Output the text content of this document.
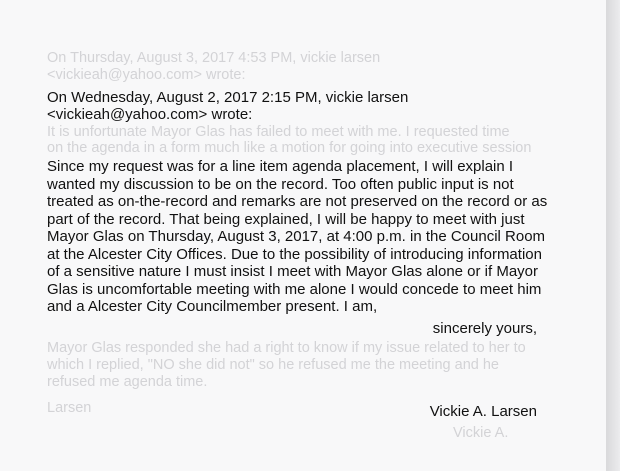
On Thursday, August 3, 2017 4:53 PM, vickie larsen
<vickieah@yahoo.com> wrote:
It is unfortunate Mayor Glas has failed to meet with me. I requested time
on the agenda in a form much like a motion for going into executive session
Mayor Glas responded she had a right to know if my issue related to her to
which I replied, "NO she did not" so he refused me the meeting and he
refused me agenda time.
Vickie A.
Larsen
On Wednesday, August 2, 2017 2:15 PM, vickie larsen
<vickieah@yahoo.com> wrote:
Since my request was for a line item agenda placement, I will explain I
wanted my discussion to be on the record. Too often public input is not
treated as on-the-record and remarks are not preserved on the record or as
part of the record. That being explained, I will be happy to meet with just
Mayor Glas on Thursday, August 3, 2017, at 4:00 p.m. in the Council Room
at the Alcester City Offices. Due to the possibility of introducing information
of a sensitive nature I must insist I meet with Mayor Glas alone or if Mayor
Glas is uncomfortable meeting with me alone I would concede to meet him
and a Alcester City Councilmember present. I am,
sincerely yours,
Vickie A. Larsen
